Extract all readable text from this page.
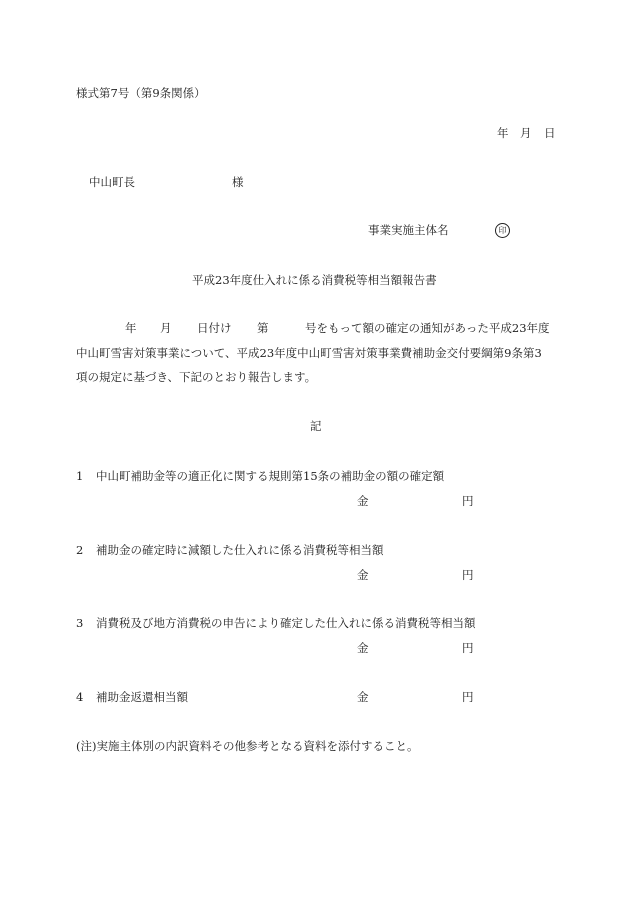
様式第7号（第9条関係）
年 月 日
中山町長	様
事業実施主体名	印
平成23年度仕入れに係る消費税等相当額報告書
年 月 日付け 第	号をもって額の確定の通知があった平成23年度
中山町雪害対策事業について、平成23年度中山町雪害対策事業費補助金交付要綱第9条第3
項の規定に基づき、下記のとおり報告します。
記
1 中山町補助金等の適正化に関する規則第15条の補助金の額の確定額
金	円
2 補助金の確定時に減額した仕入れに係る消費税等相当額
金	円
3 消費税及び地方消費税の申告により確定した仕入れに係る消費税等相当額
金	円
4 補助金返還相当額	金	円
(注)実施主体別の内訳資料その他参考となる資料を添付すること。
